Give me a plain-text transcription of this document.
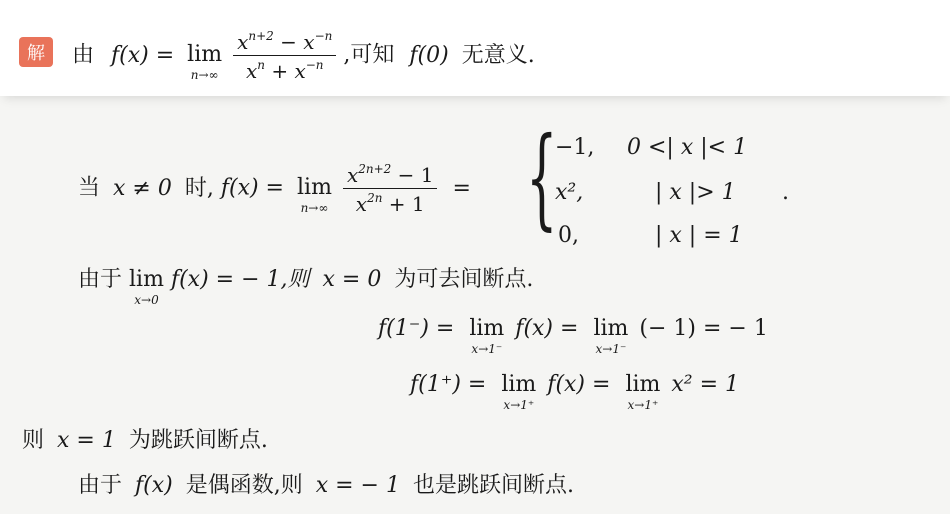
解 由 f(x) = lim
n→∞
$\frac{x^{n+2} - x^{-n}}{x^n + x^{-n}}$ ,可知 f(0) 无意义.
当 x ≠ 0 时, f(x) = lim
n→∞
$\frac{x^{2n+2} - 1}{x^{2n} + 1}$ = {
−1, 0 <| x |< 1
x²,	| x |> 1
0,	| x | = 1
.
由于 lim
x→0
f(x) = − 1,则 x = 0 为可去间断点.
f(1⁻) = lim
x→1⁻
f(x) = lim
x→1⁻
(− 1) = − 1
f(1⁺) = lim
x→1⁺
f(x) = lim
x→1⁺
x² = 1
则 x = 1 为跳跃间断点.
由于 f(x) 是偶函数,则 x = − 1 也是跳跃间断点.
